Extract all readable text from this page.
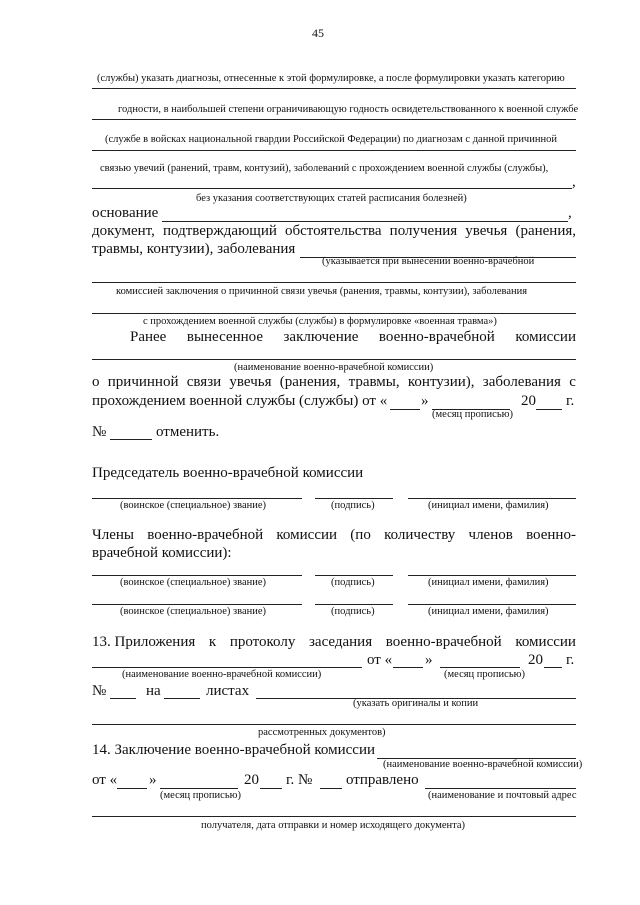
45
(службы) указать диагнозы, отнесенные к этой формулировке, а после формулировки указать категорию
годности, в наибольшей степени ограничивающую годность освидетельствованного к военной службе
(службе в войсках национальной гвардии Российской Федерации) по диагнозам с данной причинной
связью увечий (ранений, травм, контузий), заболеваний с прохождением военной службы (службы),
,
без указания соответствующих статей расписания болезней)
основание	,
документ, подтверждающий обстоятельства получения увечья (ранения,
травмы, контузии), заболевания
(указывается при вынесении военно-врачебной
комиссией заключения о причинной связи увечья (ранения, травмы, контузии), заболевания
с прохождением военной службы (службы) в формулировке «военная травма»)
Ранее вынесенное заключение военно-врачебной комиссии
(наименование военно-врачебной комиссии)
о причинной связи увечья (ранения, травмы, контузии), заболевания с
прохождением военной службы (службы) от « »	20 г.
(месяц прописью)
№	отменить.
Председатель военно-врачебной комиссии
(воинское (специальное) звание)	(подпись)	(инициал имени, фамилия)
Члены военно-врачебной комиссии (по количеству членов военно-
врачебной комиссии):
(воинское (специальное) звание)	(подпись)	(инициал имени, фамилия)
(воинское (специальное) звание)	(подпись)	(инициал имени, фамилия)
13. Приложения к протоколу заседания военно-врачебной комиссии
от « »	20 г.
(наименование военно-врачебной комиссии)	(месяц прописью)
№	на	листах
(указать оригиналы и копии
рассмотренных документов)
14. Заключение военно-врачебной комиссии
(наименование военно-врачебной комиссии)
от « »	20 г. № отправлено
(месяц прописью)	(наименование и почтовый адрес
получателя, дата отправки и номер исходящего документа)
